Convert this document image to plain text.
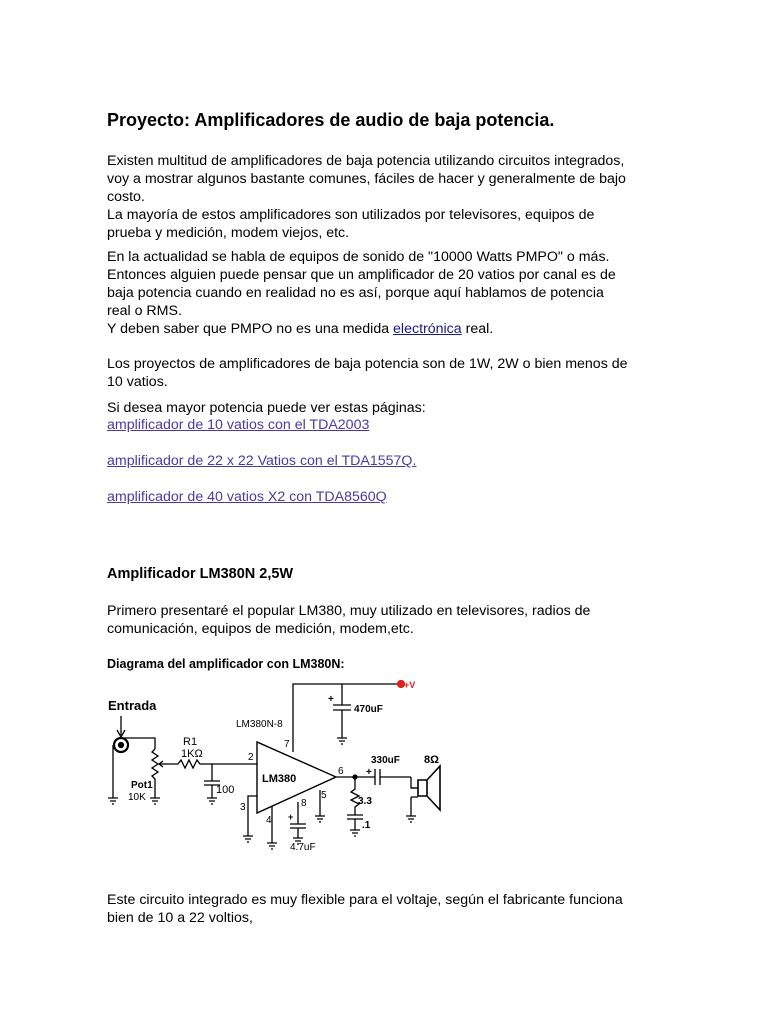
Proyecto: Amplificadores de audio de baja potencia.
Existen multitud de amplificadores de baja potencia utilizando circuitos integrados,
voy a mostrar algunos bastante comunes, fáciles de hacer y generalmente de bajo
costo.
La mayoría de estos amplificadores son utilizados por televisores, equipos de
prueba y medición, modem viejos, etc.
En la actualidad se habla de equipos de sonido de "10000 Watts PMPO" o más.
Entonces alguien puede pensar que un amplificador de 20 vatios por canal es de
baja potencia cuando en realidad no es así, porque aquí hablamos de potencia
real o RMS.
Y deben saber que PMPO no es una medida electrónica real.
Los proyectos de amplificadores de baja potencia son de 1W, 2W o bien menos de
10 vatios.
Si desea mayor potencia puede ver estas páginas:
amplificador de 10 vatios con el TDA2003
amplificador de 22 x 22 Vatios con el TDA1557Q.
amplificador de 40 vatios X2 con TDA8560Q
Amplificador LM380N 2,5W
Primero presentaré el popular LM380, muy utilizado en televisores, radios de
comunicación, equipos de medición, modem,etc.
Diagrama del amplificador con LM380N:
Este circuito integrado es muy flexible para el voltaje, según el fabricante funciona
bien de 10 a 22 voltios,
Entrada
Pot1
10K
R1
1KΩ
100
LM380
LM380N-8
2
3
4
7
8
5
6
+
4.7uF
+V
+
470uF
3.3
.1
+
330uF 8Ω
